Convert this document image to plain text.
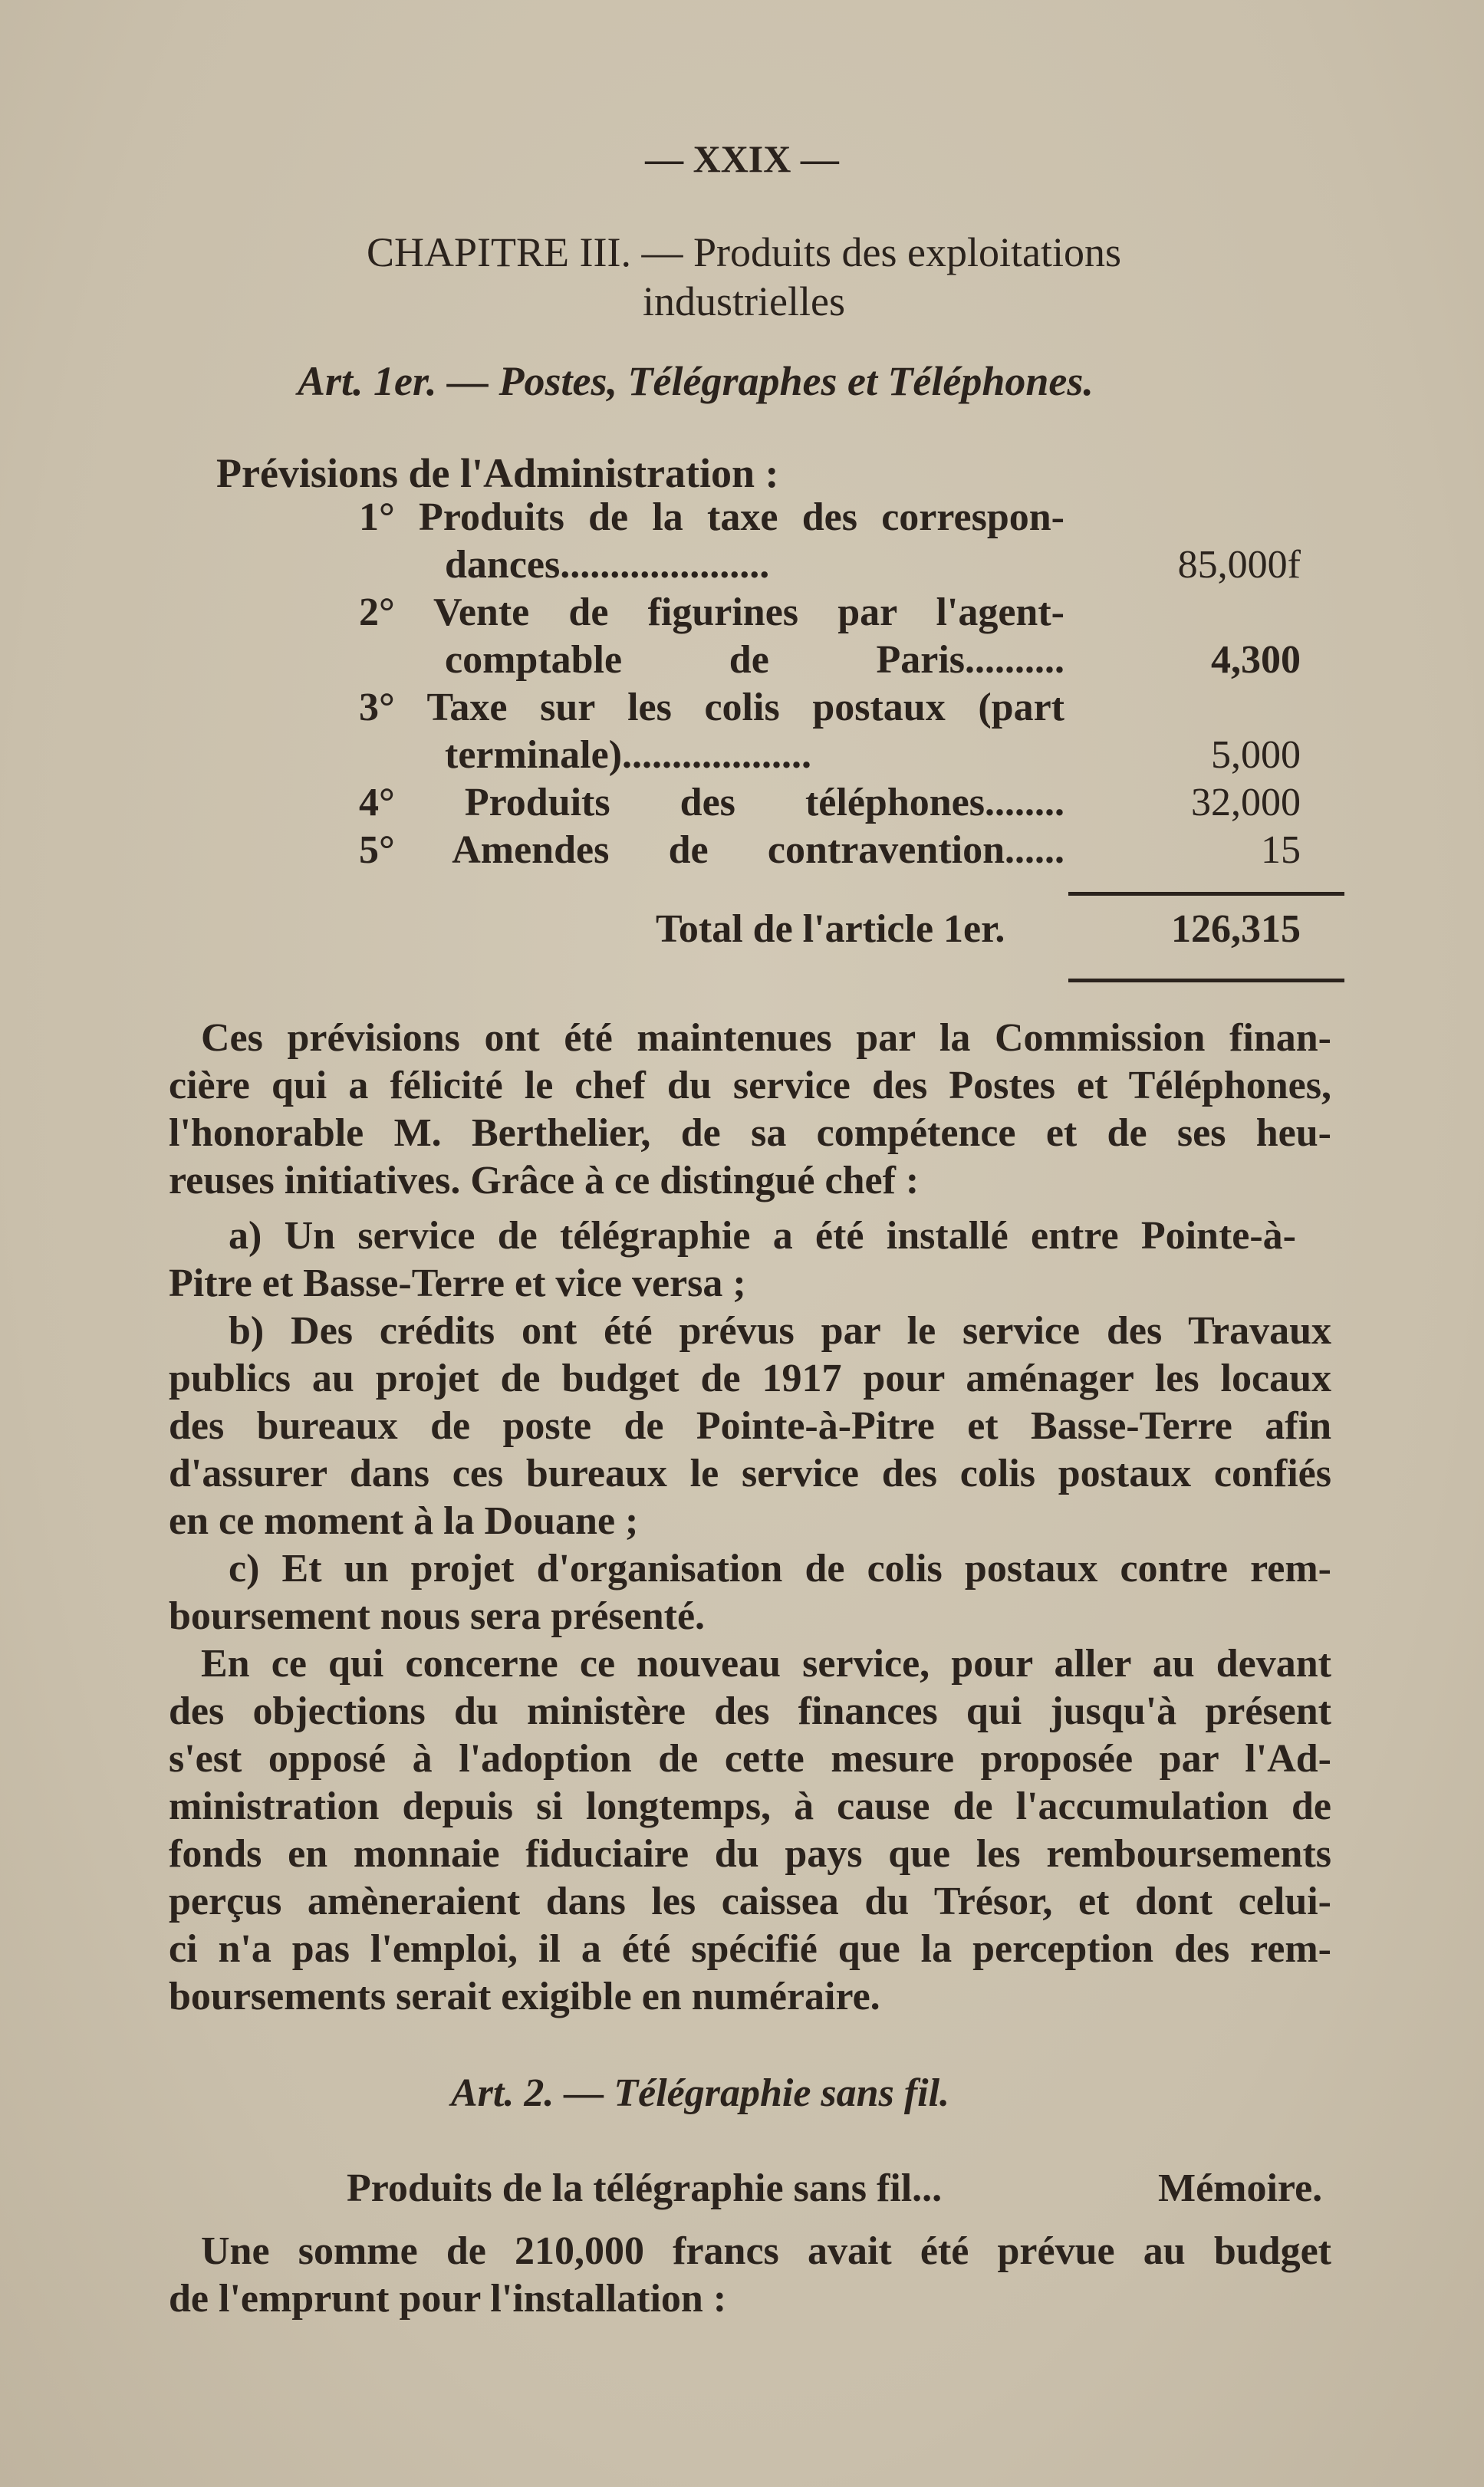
— XXIX —
CHAPITRE III. — Produits des exploitations
industrielles
Art. 1er. — Postes, Télégraphes et Téléphones.
Prévisions de l'Administration :
1° Produits de la taxe des correspon-
dances.....................	85,000f
2° Vente de figurines par l'agent-
comptable de Paris..........	4,300
3° Taxe sur les colis postaux (part
terminale)...................	5,000
4° Produits des téléphones........	32,000
5° Amendes de contravention......	15
Total de l'article 1er.	126,315
Ces prévisions ont été maintenues par la Commission finan-
cière qui a félicité le chef du service des Postes et Téléphones,
l'honorable M. Berthelier, de sa compétence et de ses heu-
reuses initiatives. Grâce à ce distingué chef :
a) Un service de télégraphie a été installé entre Pointe-à-
Pitre et Basse-Terre et vice versa ;
b) Des crédits ont été prévus par le service des Travaux
publics au projet de budget de 1917 pour aménager les locaux
des bureaux de poste de Pointe-à-Pitre et Basse-Terre afin
d'assurer dans ces bureaux le service des colis postaux confiés
en ce moment à la Douane ;
c) Et un projet d'organisation de colis postaux contre rem-
boursement nous sera présenté.
En ce qui concerne ce nouveau service, pour aller au devant
des objections du ministère des finances qui jusqu'à présent
s'est opposé à l'adoption de cette mesure proposée par l'Ad-
ministration depuis si longtemps, à cause de l'accumulation de
fonds en monnaie fiduciaire du pays que les remboursements
perçus amèneraient dans les caissea du Trésor, et dont celui-
ci n'a pas l'emploi, il a été spécifié que la perception des rem-
boursements serait exigible en numéraire.
Art. 2. — Télégraphie sans fil.
Produits de la télégraphie sans fil...	Mémoire.
Une somme de 210,000 francs avait été prévue au budget
de l'emprunt pour l'installation :
